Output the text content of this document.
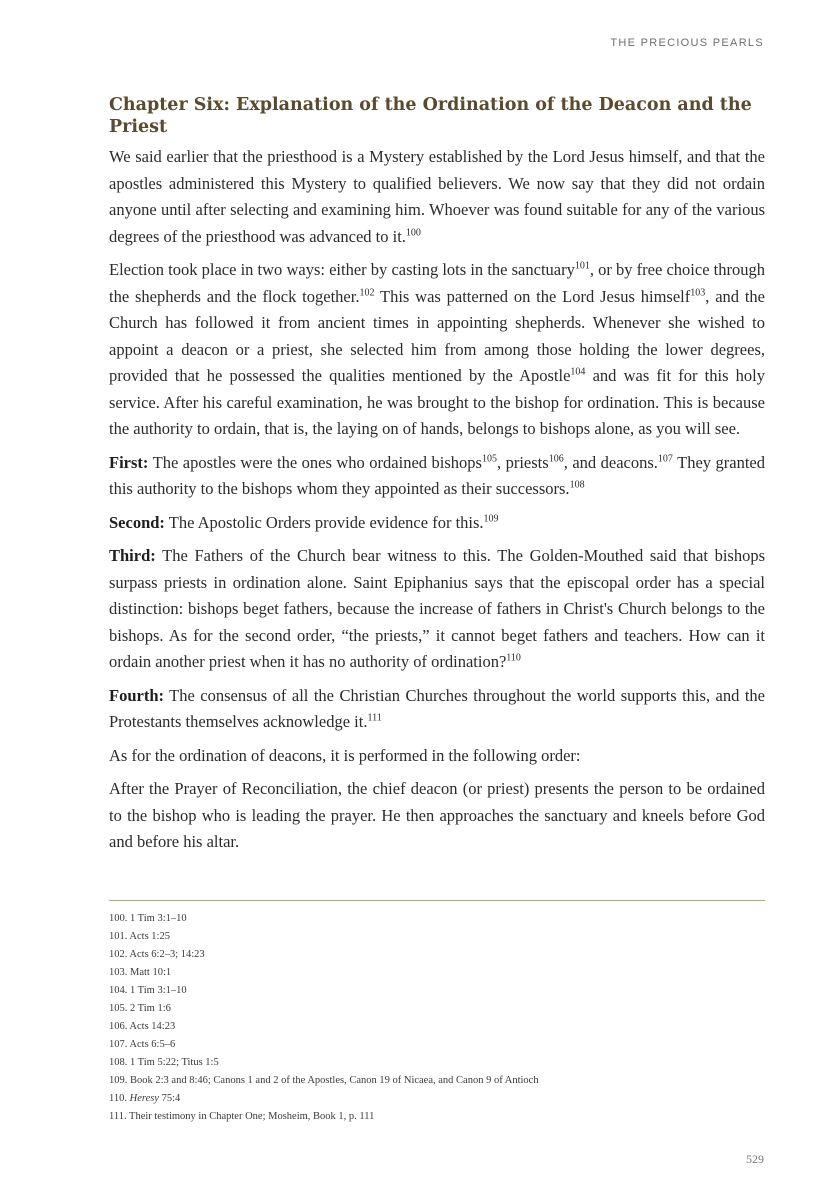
THE PRECIOUS PEARLS
Chapter Six: Explanation of the Ordination of the Deacon and the Priest

We said earlier that the priesthood is a Mystery established by the Lord Jesus himself, and that the apostles administered this Mystery to qualified believers. We now say that they did not ordain anyone until after selecting and examining him. Whoever was found suitable for any of the various degrees of the priesthood was advanced to it.$^{100}$

Election took place in two ways: either by casting lots in the sanctuary$^{101}$, or by free choice through the shepherds and the flock together.$^{102}$ This was patterned on the Lord Jesus himself$^{103}$, and the Church has followed it from ancient times in appointing shepherds. Whenever she wished to appoint a deacon or a priest, she selected him from among those holding the lower degrees, provided that he possessed the qualities mentioned by the Apostle$^{104}$ and was fit for this holy service. After his careful examination, he was brought to the bishop for ordination. This is because the authority to ordain, that is, the laying on of hands, belongs to bishops alone, as you will see.

First: The apostles were the ones who ordained bishops$^{105}$, priests$^{106}$, and deacons.$^{107}$ They granted this authority to the bishops whom they appointed as their successors.$^{108}$

Second: The Apostolic Orders provide evidence for this.$^{109}$

Third: The Fathers of the Church bear witness to this. The Golden-Mouthed said that bishops surpass priests in ordination alone. Saint Epiphanius says that the episcopal order has a special distinction: bishops beget fathers, because the increase of fathers in Christ's Church belongs to the bishops. As for the second order, “the priests,” it cannot beget fathers and teachers. How can it ordain another priest when it has no authority of ordination?$^{110}$

Fourth: The consensus of all the Christian Churches throughout the world supports this, and the Protestants themselves acknowledge it.$^{111}$

As for the ordination of deacons, it is performed in the following order:

After the Prayer of Reconciliation, the chief deacon (or priest) presents the person to be ordained to the bishop who is leading the prayer. He then approaches the sanctuary and kneels before God and before his altar.

100. 1 Tim 3:1–10
101. Acts 1:25
102. Acts 6:2–3; 14:23
103. Matt 10:1
104. 1 Tim 3:1–10
105. 2 Tim 1:6
106. Acts 14:23
107. Acts 6:5–6
108. 1 Tim 5:22; Titus 1:5
109. Book 2:3 and 8:46; Canons 1 and 2 of the Apostles, Canon 19 of Nicaea, and Canon 9 of Antioch
110. Heresy 75:4
111. Their testimony in Chapter One; Mosheim, Book 1, p. 111
529
